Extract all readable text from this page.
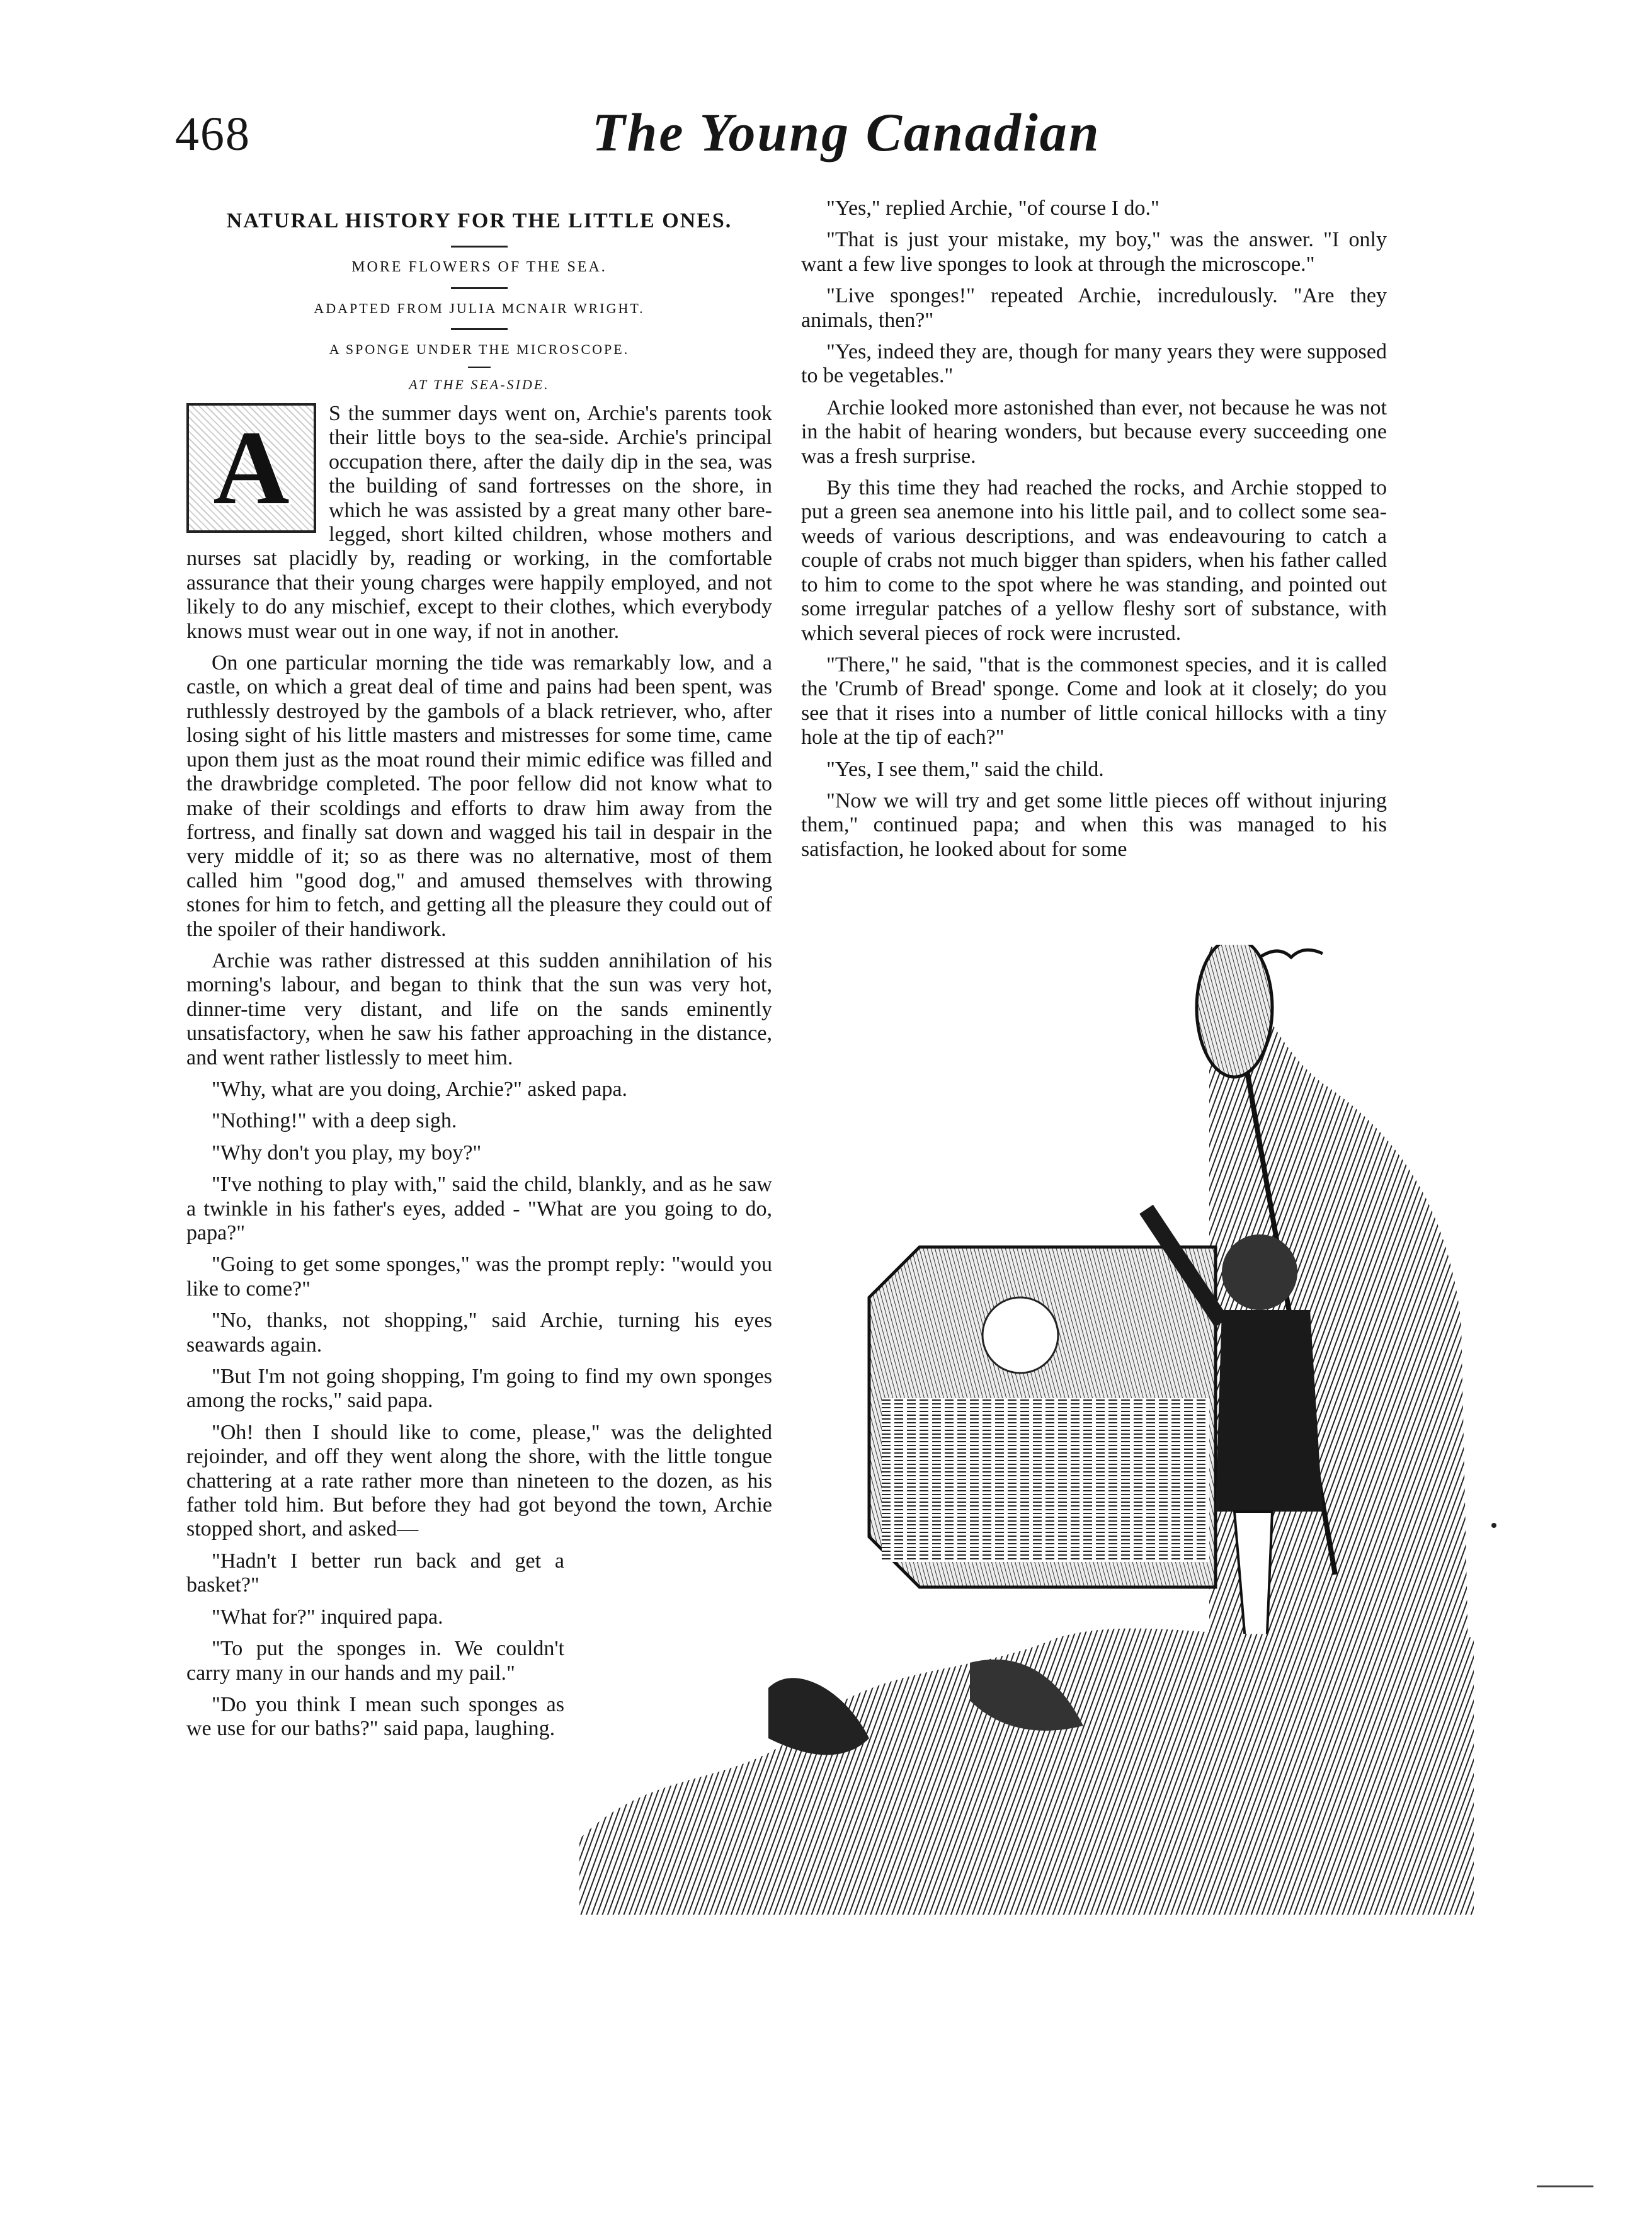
468	The Young Canadian
NATURAL HISTORY FOR THE LITTLE ONES.
MORE FLOWERS OF THE SEA.
ADAPTED FROM JULIA MCNAIR WRIGHT.
A SPONGE UNDER THE MICROSCOPE.
AT THE SEA-SIDE.
A	S the summer days went on, Archie's parents took their little boys to the sea-side. Archie's principal occupation there, after the daily dip in the sea, was the building of sand fortresses on the shore, in which he was assisted by a great many other bare-legged, short kilted children, whose mothers and nurses sat placidly by, reading or working, in the comfortable assurance that their young charges were happily employed, and not likely to do any mischief, except to their clothes, which everybody knows must wear out in one way, if not in another.

On one particular morning the tide was remarkably low, and a castle, on which a great deal of time and pains had been spent, was ruthlessly destroyed by the gambols of a black retriever, who, after losing sight of his little masters and mistresses for some time, came upon them just as the moat round their mimic edifice was filled and the drawbridge completed. The poor fellow did not know what to make of their scoldings and efforts to draw him away from the fortress, and finally sat down and wagged his tail in despair in the very middle of it; so as there was no alternative, most of them called him "good dog," and amused themselves with throwing stones for him to fetch, and getting all the pleasure they could out of the spoiler of their handiwork.

Archie was rather distressed at this sudden annihilation of his morning's labour, and began to think that the sun was very hot, dinner-time very distant, and life on the sands eminently unsatisfactory, when he saw his father approaching in the distance, and went rather listlessly to meet him.

"Why, what are you doing, Archie?" asked papa.

"Nothing!" with a deep sigh.

"Why don't you play, my boy?"

"I've nothing to play with," said the child, blankly, and as he saw a twinkle in his father's eyes, added - "What are you going to do, papa?"

"Going to get some sponges," was the prompt reply: "would you like to come?"

"No, thanks, not shopping," said Archie, turning his eyes seawards again.

"But I'm not going shopping, I'm going to find my own sponges among the rocks," said papa.

"Oh! then I should like to come, please," was the delighted rejoinder, and off they went along the shore, with the little tongue chattering at a rate rather more than nineteen to the dozen, as his father told him. But before they had got beyond the town, Archie stopped short, and asked—

"Hadn't I better run back and get a basket?"

"What for?" inquired papa.

"To put the sponges in. We couldn't carry many in our hands and my pail."

"Do you think I mean such sponges as we use for our baths?" said papa, laughing.

"Yes," replied Archie, "of course I do."

"That is just your mistake, my boy," was the answer. "I only want a few live sponges to look at through the microscope."

"Live sponges!" repeated Archie, incredulously. "Are they animals, then?"

"Yes, indeed they are, though for many years they were supposed to be vegetables."

Archie looked more astonished than ever, not because he was not in the habit of hearing wonders, but because every succeeding one was a fresh surprise.

By this time they had reached the rocks, and Archie stopped to put a green sea anemone into his little pail, and to collect some sea-weeds of various descriptions, and was endeavouring to catch a couple of crabs not much bigger than spiders, when his father called to him to come to the spot where he was standing, and pointed out some irregular patches of a yellow fleshy sort of substance, with which several pieces of rock were incrusted.

"There," he said, "that is the commonest species, and it is called the 'Crumb of Bread' sponge. Come and look at it closely; do you see that it rises into a number of little conical hillocks with a tiny hole at the tip of each?"

"Yes, I see them," said the child.

"Now we will try and get some little pieces off without injuring them," continued papa; and when this was managed to his satisfaction, he looked about for some
